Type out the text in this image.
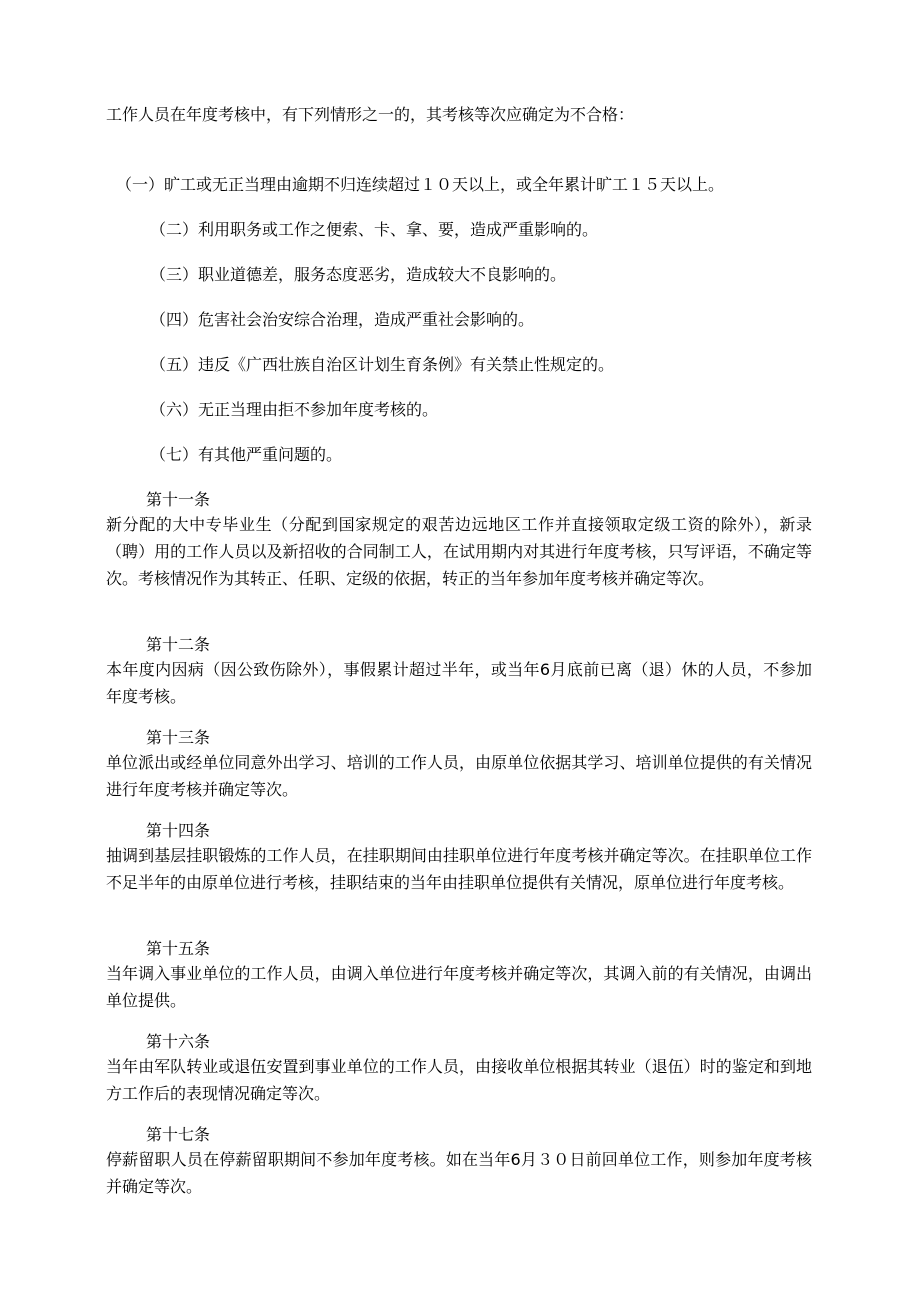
工作人员在年度考核中，有下列情形之一的，其考核等次应确定为不合格：
（一）旷工或无正当理由逾期不归连续超过１０天以上，或全年累计旷工１５天以上。
（二）利用职务或工作之便索、卡、拿、要，造成严重影响的。
（三）职业道德差，服务态度恶劣，造成较大不良影响的。
（四）危害社会治安综合治理，造成严重社会影响的。
（五）违反《广西壮族自治区计划生育条例》有关禁止性规定的。
（六）无正当理由拒不参加年度考核的。
（七）有其他严重问题的。
第十一条
新分配的大中专毕业生（分配到国家规定的艰苦边远地区工作并直接领取定级工资的除外），新录（聘）用的工作人员以及新招收的合同制工人，在试用期内对其进行年度考核，只写评语，不确定等次。考核情况作为其转正、任职、定级的依据，转正的当年参加年度考核并确定等次。
第十二条
本年度内因病（因公致伤除外），事假累计超过半年，或当年6月底前已离（退）休的人员，不参加年度考核。
第十三条
单位派出或经单位同意外出学习、培训的工作人员，由原单位依据其学习、培训单位提供的有关情况进行年度考核并确定等次。
第十四条
抽调到基层挂职锻炼的工作人员，在挂职期间由挂职单位进行年度考核并确定等次。在挂职单位工作不足半年的由原单位进行考核，挂职结束的当年由挂职单位提供有关情况，原单位进行年度考核。
第十五条
当年调入事业单位的工作人员，由调入单位进行年度考核并确定等次，其调入前的有关情况，由调出单位提供。
第十六条
当年由军队转业或退伍安置到事业单位的工作人员，由接收单位根据其转业（退伍）时的鉴定和到地方工作后的表现情况确定等次。
第十七条
停薪留职人员在停薪留职期间不参加年度考核。如在当年6月３０日前回单位工作，则参加年度考核并确定等次。
